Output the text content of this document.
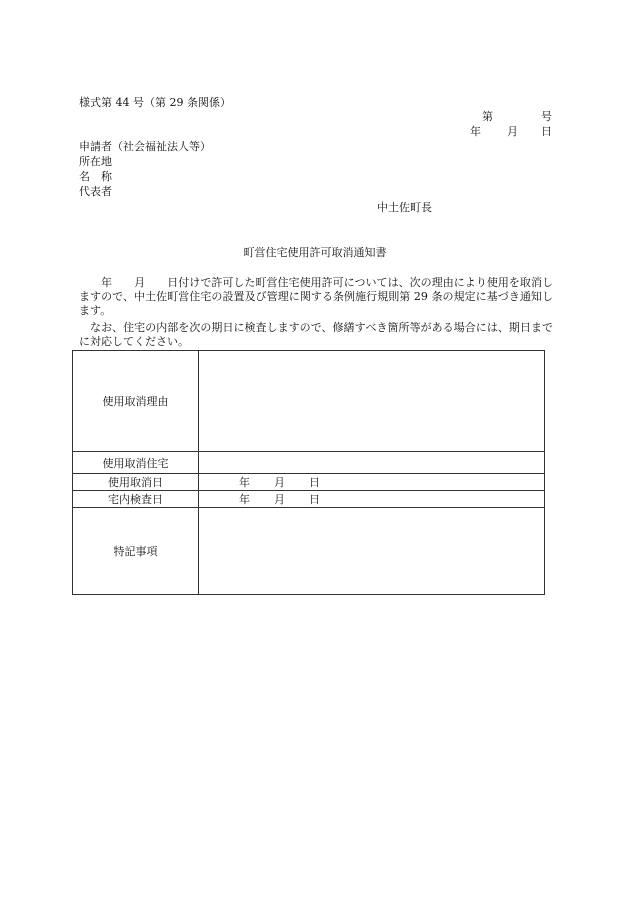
様式第 44 号（第 29 条関係）
第	号
年 月 日
申請者（社会福祉法人等）
所在地
名　称
代表者
中土佐町長
町営住宅使用許可取消通知書
　　年　　月　　日付けで許可した町営住宅使用許可については、次の理由により使用を取消しますので、中土佐町営住宅の設置及び管理に関する条例施行規則第 29 条の規定に基づき通知します。
　なお、住宅の内部を次の期日に検査しますので、修繕すべき箇所等がある場合には、期日までに対応してください。
使用取消理由	
使用取消住宅	
使用取消日	年 月 日

宅内検査日	年 月 日

特記事項	
